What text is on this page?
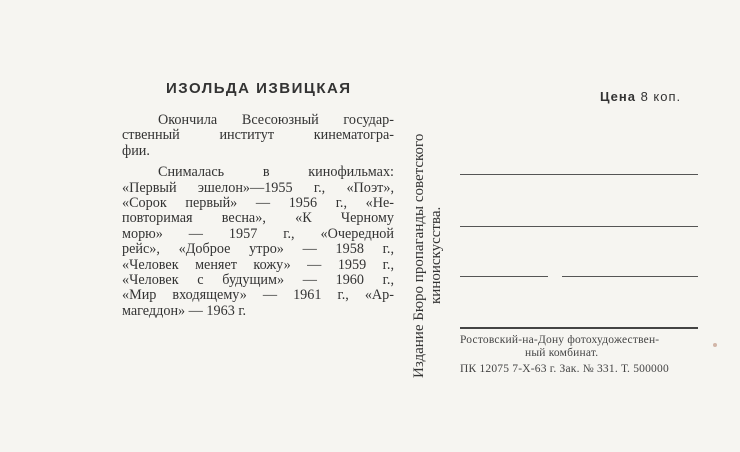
ИЗОЛЬДА ИЗВИЦКАЯ
Окончила Всесоюзный государ-
ственный институт кинематогра-
фии.
Снималась в кинофильмах:
«Первый эшелон»—1955 г., «Поэт»,
«Сорок первый» — 1956 г., «Не-
повторимая весна», «К Черному
морю» — 1957 г., «Очередной
рейс», «Доброе утро» — 1958 г.,
«Человек меняет кожу» — 1959 г.,
«Человек с будущим» — 1960 г.,
«Мир входящему» — 1961 г., «Ар-
магеддон» — 1963 г.	Издание Бюро пропаганды советского киноискусства.
Цена 8 коп.
Ростовский-на-Дону фотохудожествен-
ный комбинат.
ПК 12075 7-Х-63 г. Зак. № 331. Т. 500000
